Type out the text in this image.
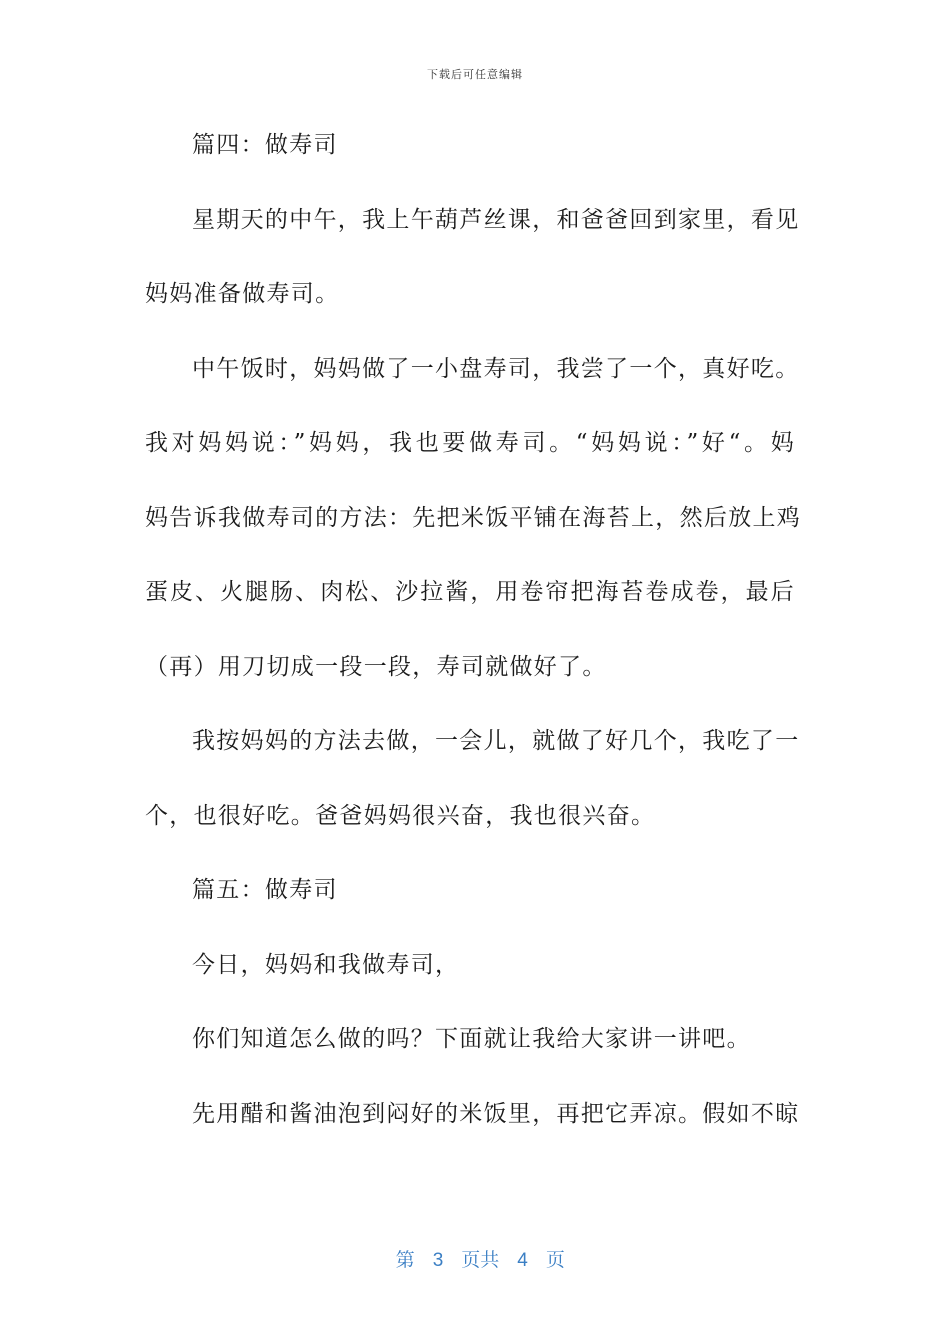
下载后可任意编辑
篇四：做寿司
星期天的中午，我上午葫芦丝课，和爸爸回到家里，看见
妈妈准备做寿司。
中午饭时，妈妈做了一小盘寿司，我尝了一个，真好吃。
我对妈妈说：”妈妈，我也要做寿司。“妈妈说：”好“。妈
妈告诉我做寿司的方法：先把米饭平铺在海苔上，然后放上鸡
蛋皮、火腿肠、肉松、沙拉酱，用卷帘把海苔卷成卷，最后
（再）用刀切成一段一段，寿司就做好了。
我按妈妈的方法去做，一会儿，就做了好几个，我吃了一
个，也很好吃。爸爸妈妈很兴奋，我也很兴奋。
篇五：做寿司
今日，妈妈和我做寿司，
你们知道怎么做的吗？下面就让我给大家讲一讲吧。
先用醋和酱油泡到闷好的米饭里，再把它弄凉。假如不晾

第 3 页共 4 页
